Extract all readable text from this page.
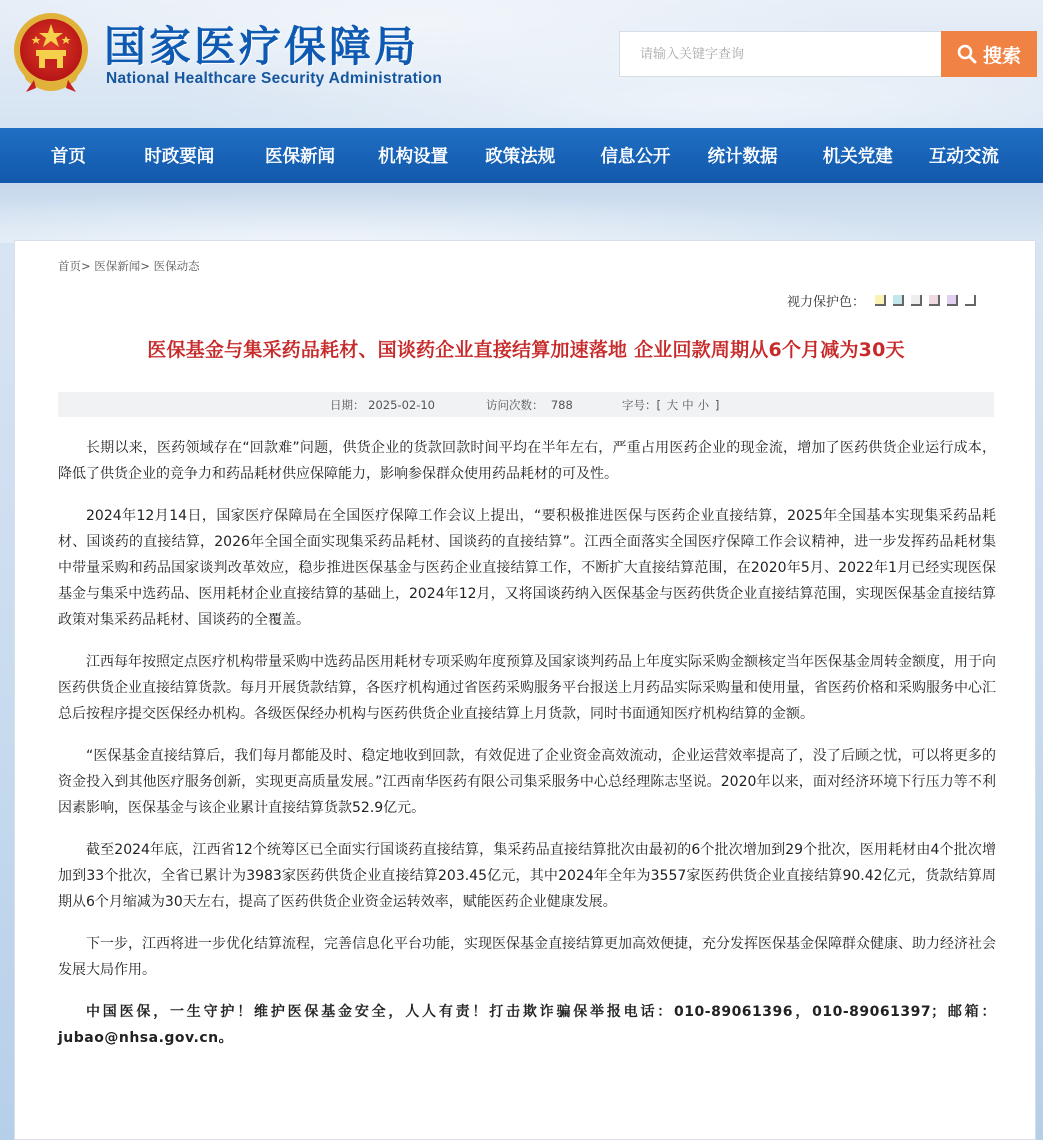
国家医疗保障局
National Healthcare Security Administration
请输入关键字查询
搜索
首页	时政要闻	医保新闻	机构设置	政策法规	信息公开	统计数据	机关党建	互动交流
首页> 医保新闻> 医保动态
视力保护色：
医保基金与集采药品耗材、国谈药企业直接结算加速落地 企业回款周期从6个月减为30天
日期： 2025-02-10	访问次数： 788	字号：[ 大 中 小 ]

长期以来，医药领域存在“回款难”问题，供货企业的货款回款时间平均在半年左右，严重占用医药企业的现金流，增加了医药供货企业运行成本，降低了供货企业的竞争力和药品耗材供应保障能力，影响参保群众使用药品耗材的可及性。

2024年12月14日，国家医疗保障局在全国医疗保障工作会议上提出，“要积极推进医保与医药企业直接结算，2025年全国基本实现集采药品耗材、国谈药的直接结算，2026年全国全面实现集采药品耗材、国谈药的直接结算”。江西全面落实全国医疗保障工作会议精神，进一步发挥药品耗材集中带量采购和药品国家谈判改革效应，稳步推进医保基金与医药企业直接结算工作，不断扩大直接结算范围，在2020年5月、2022年1月已经实现医保基金与集采中选药品、医用耗材企业直接结算的基础上，2024年12月，又将国谈药纳入医保基金与医药供货企业直接结算范围，实现医保基金直接结算政策对集采药品耗材、国谈药的全覆盖。

江西每年按照定点医疗机构带量采购中选药品医用耗材专项采购年度预算及国家谈判药品上年度实际采购金额核定当年医保基金周转金额度，用于向医药供货企业直接结算货款。每月开展货款结算，各医疗机构通过省医药采购服务平台报送上月药品实际采购量和使用量，省医药价格和采购服务中心汇总后按程序提交医保经办机构。各级医保经办机构与医药供货企业直接结算上月货款，同时书面通知医疗机构结算的金额。

“医保基金直接结算后，我们每月都能及时、稳定地收到回款，有效促进了企业资金高效流动，企业运营效率提高了，没了后顾之忧，可以将更多的资金投入到其他医疗服务创新，实现更高质量发展。”江西南华医药有限公司集采服务中心总经理陈志坚说。2020年以来，面对经济环境下行压力等不利因素影响，医保基金与该企业累计直接结算货款52.9亿元。

截至2024年底，江西省12个统筹区已全面实行国谈药直接结算，集采药品直接结算批次由最初的6个批次增加到29个批次，医用耗材由4个批次增加到33个批次，全省已累计为3983家医药供货企业直接结算203.45亿元，其中2024年全年为3557家医药供货企业直接结算90.42亿元，货款结算周期从6个月缩减为30天左右，提高了医药供货企业资金运转效率，赋能医药企业健康发展。

下一步，江西将进一步优化结算流程，完善信息化平台功能，实现医保基金直接结算更加高效便捷，充分发挥医保基金保障群众健康、助力经济社会发展大局作用。

中国医保，一生守护！维护医保基金安全，人人有责！打击欺诈骗保举报电话：010-89061396，010-89061397；邮箱：jubao@nhsa.gov.cn。
